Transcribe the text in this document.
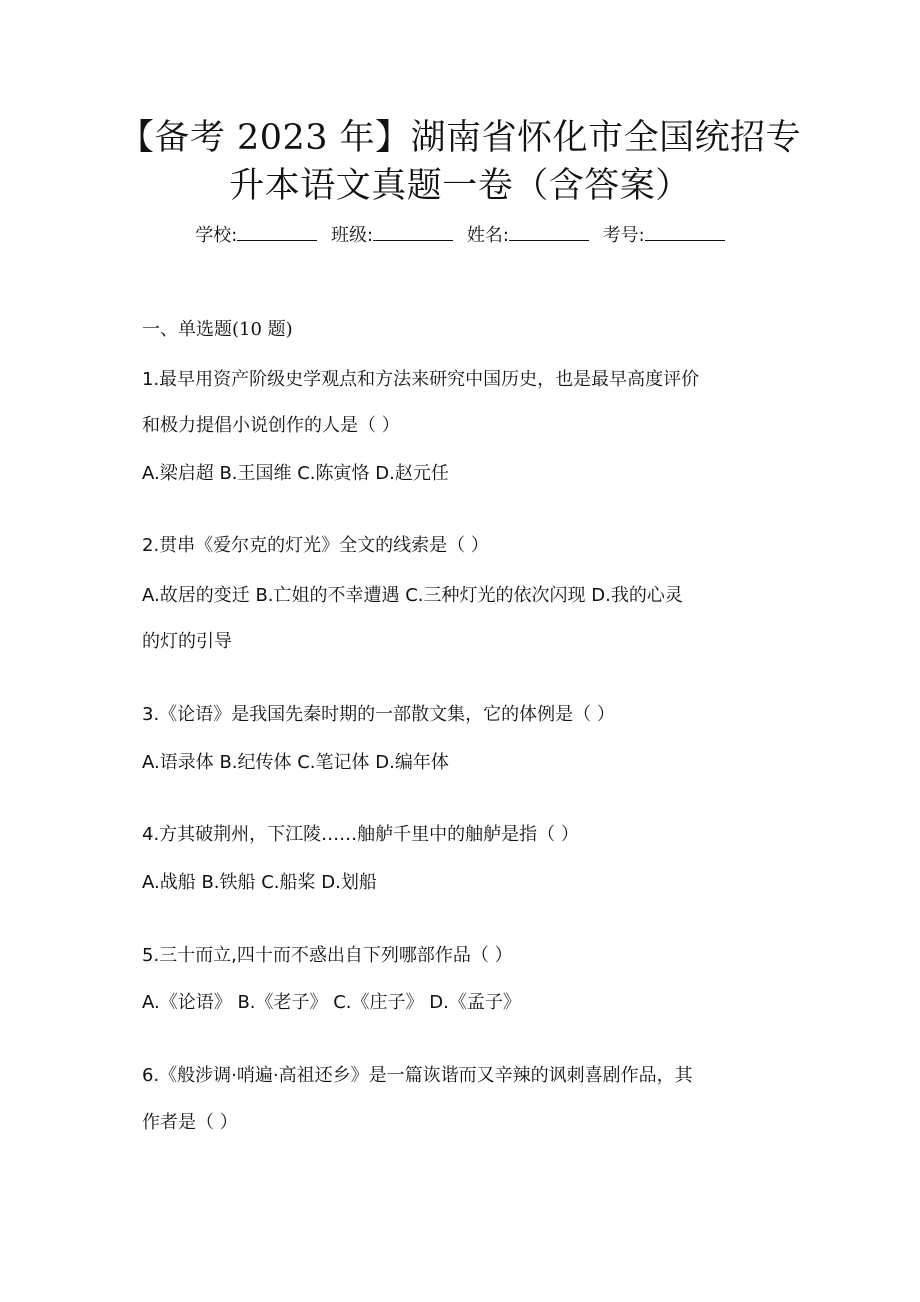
【备考 2023 年】湖南省怀化市全国统招专
升本语文真题一卷（含答案）
学校:	班级:	姓名:	考号:
一、单选题(10 题)
1.最早用资产阶级史学观点和方法来研究中国历史，也是最早高度评价
和极力提倡小说创作的人是（ ）
A.梁启超 B.王国维 C.陈寅恪 D.赵元任
2.贯串《爱尔克的灯光》全文的线索是（ ）
A.故居的变迁 B.亡姐的不幸遭遇 C.三种灯光的依次闪现 D.我的心灵
的灯的引导
3.《论语》是我国先秦时期的一部散文集，它的体例是（ ）
A.语录体 B.纪传体 C.笔记体 D.编年体
4.方其破荆州，下江陵……舳舻千里中的舳舻是指（ ）
A.战船 B.铁船 C.船桨 D.划船
5.三十而立,四十而不惑出自下列哪部作品（ ）
A.《论语》 B.《老子》 C.《庄子》 D.《孟子》
6.《般涉调·哨遍·高祖还乡》是一篇诙谐而又辛辣的讽刺喜剧作品，其
作者是（ ）
